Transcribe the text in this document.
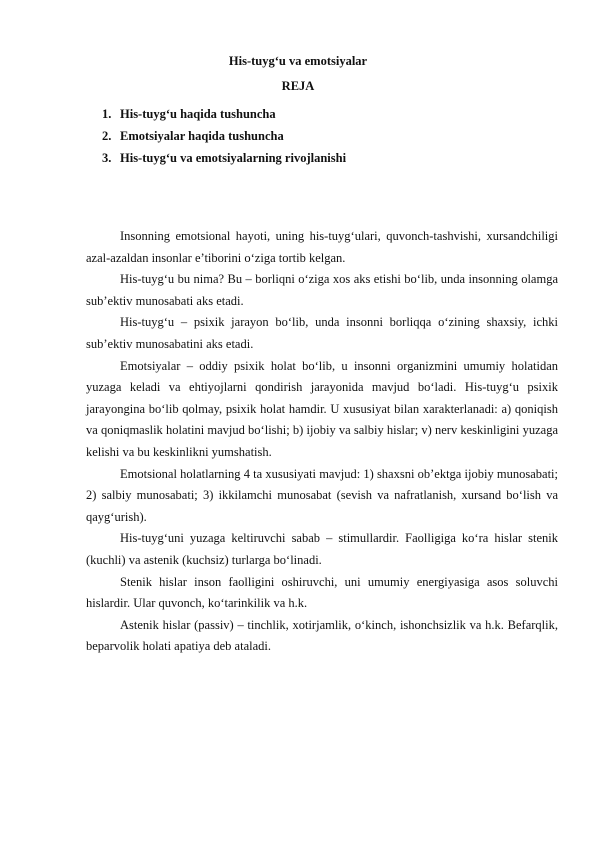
His-tuyg‘u va emotsiyalar
REJA
1. His-tuyg‘u haqida tushuncha
2. Emotsiyalar haqida tushuncha
3. His-tuyg‘u va emotsiyalarning rivojlanishi

Insonning emotsional hayoti, uning his-tuyg‘ulari, quvonch-tashvishi, xursandchiligi azal-azaldan insonlar e’tiborini o‘ziga tortib kelgan.

His-tuyg‘u bu nima? Bu – borliqni o‘ziga xos aks etishi bo‘lib, unda insonning olamga sub’ektiv munosabati aks etadi.

His-tuyg‘u – psixik jarayon bo‘lib, unda insonni borliqqa o‘zining shaxsiy, ichki sub’ektiv munosabatini aks etadi.

Emotsiyalar – oddiy psixik holat bo‘lib, u insonni organizmini umumiy holatidan yuzaga keladi va ehtiyojlarni qondirish jarayonida mavjud bo‘ladi. His-tuyg‘u psixik jarayongina bo‘lib qolmay, psixik holat hamdir. U xususiyat bilan xarakterlanadi: a) qoniqish va qoniqmaslik holatini mavjud bo‘lishi; b) ijobiy va salbiy hislar; v) nerv keskinligini yuzaga kelishi va bu keskinlikni yumshatish.

Emotsional holatlarning 4 ta xususiyati mavjud: 1) shaxsni ob’ektga ijobiy munosabati; 2) salbiy munosabati; 3) ikkilamchi munosabat (sevish va nafratlanish, xursand bo‘lish va qayg‘urish).

His-tuyg‘uni yuzaga keltiruvchi sabab – stimullardir. Faolligiga ko‘ra hislar stenik (kuchli) va astenik (kuchsiz) turlarga bo‘linadi.

Stenik hislar inson faolligini oshiruvchi, uni umumiy energiyasiga asos soluvchi hislardir. Ular quvonch, ko‘tarinkilik va h.k.

Astenik hislar (passiv) – tinchlik, xotirjamlik, o‘kinch, ishonchsizlik va h.k. Befarqlik, beparvolik holati apatiya deb ataladi.
